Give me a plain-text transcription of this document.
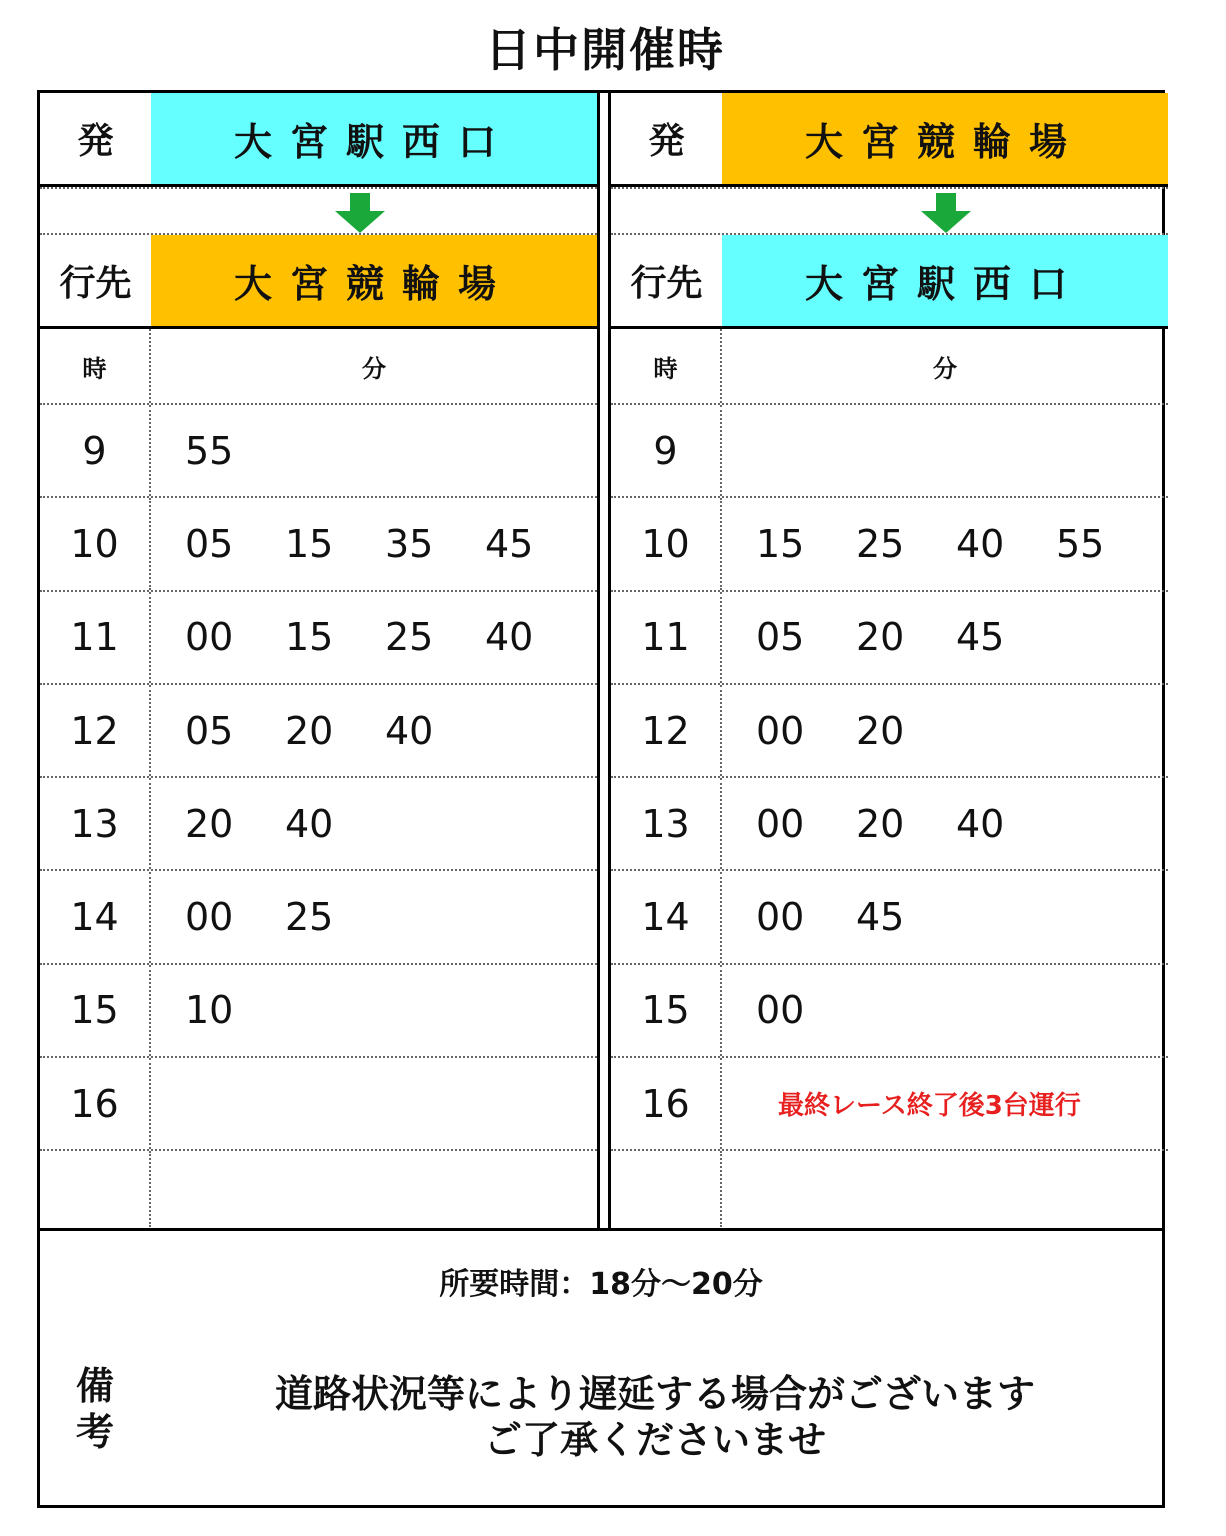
日中開催時
発	大宮駅西口
行先	大宮競輪場
時	分
9	55
10	05	15	35	45
11	00	15	25	40
12	05	20	40
13	20	40
14	00	25
15	10
16
発	大宮競輪場
行先	大宮駅西口
時	分
9
10	15	25	40	55
11	05	20	45
12	00	20
13	00	20	40
14	00	45
15	00
16	最終レース終了後3台運行
所要時間：18分～20分
備
考
道路状況等により遅延する場合がございます
ご了承くださいませ
